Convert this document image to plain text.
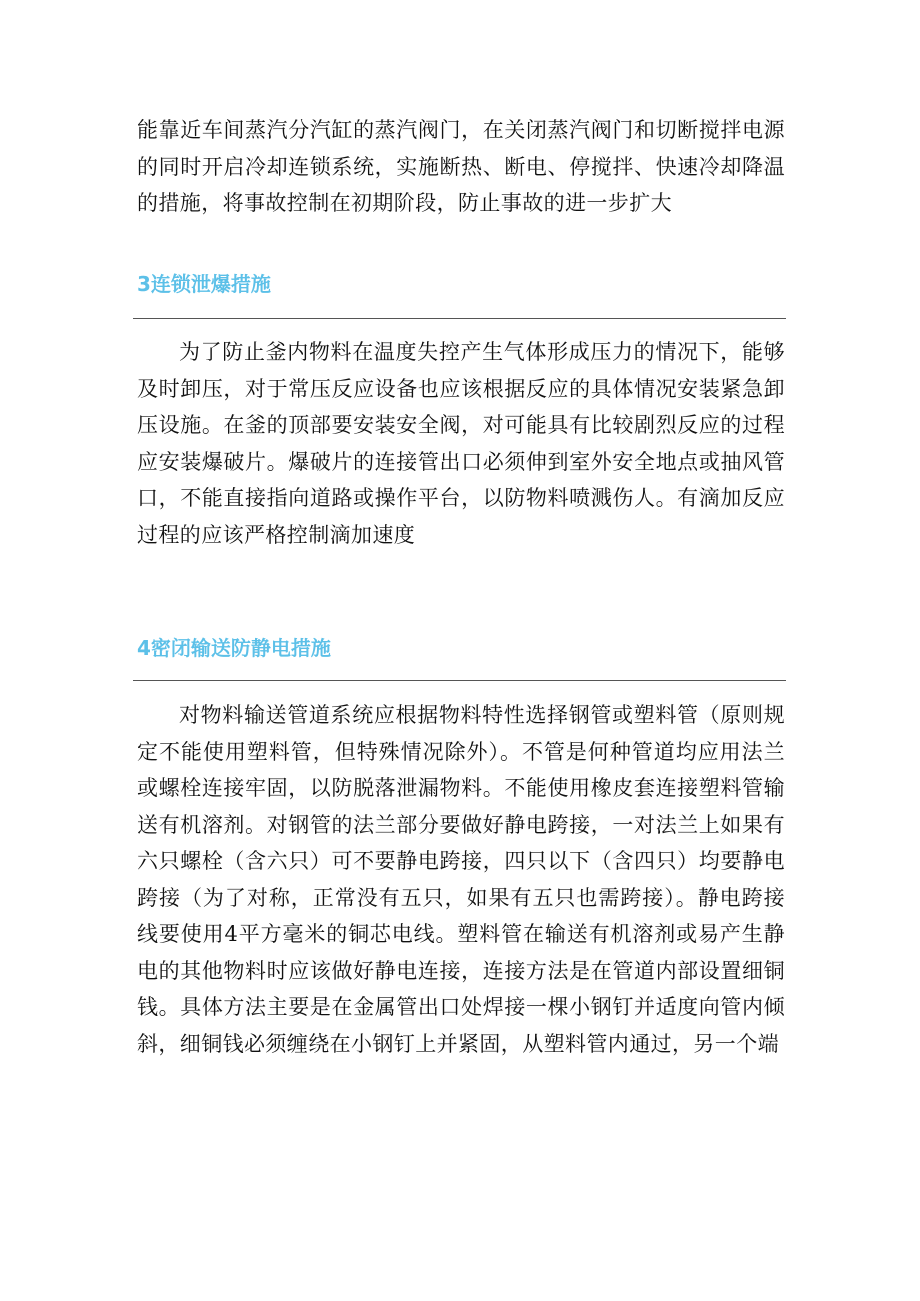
能靠近车间蒸汽分汽缸的蒸汽阀门，在关闭蒸汽阀门和切断搅拌电源的同时开启冷却连锁系统，实施断热、断电、停搅拌、快速冷却降温的措施，将事故控制在初期阶段，防止事故的进一步扩大

3连锁泄爆措施

为了防止釜内物料在温度失控产生气体形成压力的情况下，能够及时卸压，对于常压反应设备也应该根据反应的具体情况安装紧急卸压设施。在釜的顶部要安装安全阀，对可能具有比较剧烈反应的过程应安装爆破片。爆破片的连接管出口必须伸到室外安全地点或抽风管口，不能直接指向道路或操作平台，以防物料喷溅伤人。有滴加反应过程的应该严格控制滴加速度

4密闭输送防静电措施

对物料输送管道系统应根据物料特性选择钢管或塑料管（原则规定不能使用塑料管，但特殊情况除外）。不管是何种管道均应用法兰或螺栓连接牢固，以防脱落泄漏物料。不能使用橡皮套连接塑料管输送有机溶剂。对钢管的法兰部分要做好静电跨接，一对法兰上如果有六只螺栓（含六只）可不要静电跨接，四只以下（含四只）均要静电跨接（为了对称，正常没有五只，如果有五只也需跨接）。静电跨接线要使用4平方毫米的铜芯电线。塑料管在输送有机溶剂或易产生静电的其他物料时应该做好静电连接，连接方法是在管道内部设置细铜钱。具体方法主要是在金属管出口处焊接一棵小钢钉并适度向管内倾斜，细铜钱必须缠绕在小钢钉上并紧固，从塑料管内通过，另一个端
